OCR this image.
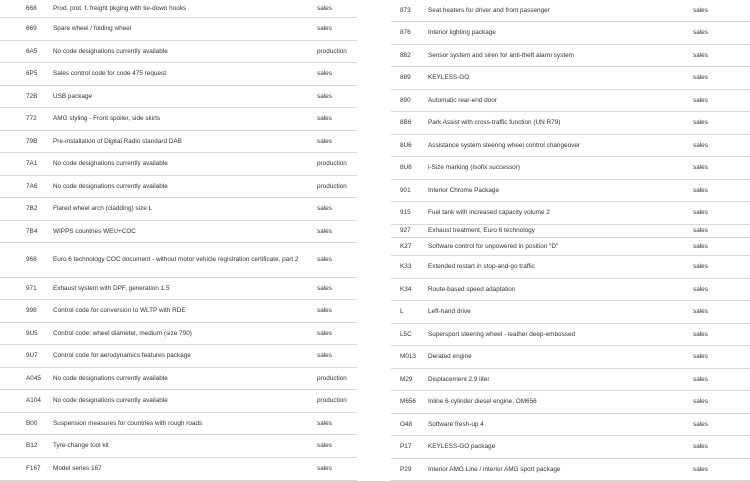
668	Prod. prot. f. freight pkging with tie-down hooks	sales
669	Spare wheel / folding wheel	sales
6A5	No code designations currently available	production
6P5	Sales control code for code 475 request	sales
72B	USB package	sales
772	AMG styling - Front spoiler, side skirts	sales
79B	Pre-installation of Digital Radio standard DAB	sales
7A1	No code designations currently available	production
7A6	No code designations currently available	production
7B2	Flared wheel arch (cladding) size L	sales
7B4	WIPPS countries WEU+COC	sales
968	Euro 6 technology COC document - without motor vehicle registration certificate, part 2	sales
971	Exhaust system with DPF, generation 1.5	sales
998	Control code for conversion to WLTP with RDE	sales
9U5	Control code: wheel diameter, medium (size 790)	sales
9U7	Control code for aerodynamics features package	sales
A045	No code designations currently available	production
A104	No code designations currently available	production
B00	Suspension measures for countries with rough roads	sales
B12	Tyre-change tool kit	sales
F167	Model series 167	sales
873	Seat heaters for driver and front passenger	sales
876	Interior lighting package	sales
882	Sensor system and siren for anti-theft alarm system	sales
889	KEYLESS-GO	sales
890	Automatic rear-end door	sales
8B6	Park Assist with cross-traffic function (UN R79)	sales
8U6	Assistance system steering wheel control changeover	sales
8U8	i-Size marking (Isofix successor)	sales
901	Interior Chrome Package	sales
915	Fuel tank with increased capacity volume 2	sales
927	Exhaust treatment, Euro 6 technology	sales
K27	Software control for unpowered in position "D"	sales
K33	Extended restart in stop-and-go traffic	sales
K34	Route-based speed adaptation	sales
L	Left-hand drive	sales
L5C	Supersport steering wheel - leather deep-embossed	sales
M013	Derated engine	sales
M29	Displacement 2.9 liter	sales
M656	Inline 6-cylinder diesel engine, OM656	sales
O48	Software fresh-up 4	sales
P17	KEYLESS-GO package	sales
P29	Interior AMG Line / interior AMG sport package	sales
